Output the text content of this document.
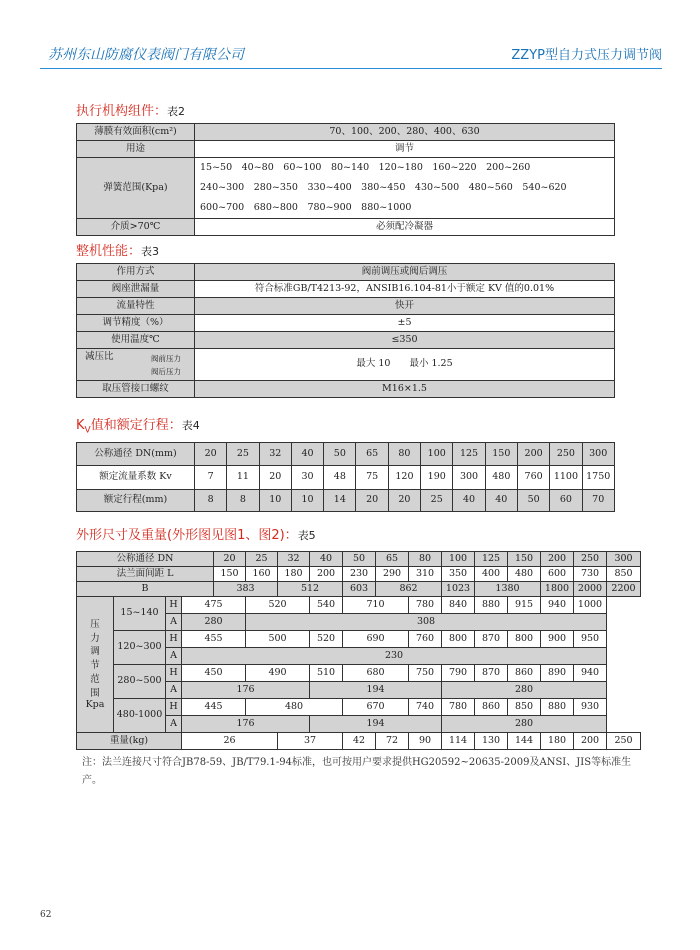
苏州东山防腐仪表阀门有限公司	ZZYP型自力式压力调节阀
执行机构组件：表2
薄膜有效面积(cm²)	70、100、200、280、400、630
用途	调节
弹簧范围(Kpa)	15~50　40~80　60~100　80~140　120~180　160~220　200~260
240~300　280~350　330~400　380~450　430~500　480~560　540~620
600~700　680~800　780~900　880~1000

介质>70℃	必须配冷凝器
整机性能：表3
作用方式	阀前调压或阀后调压
阀座泄漏量	符合标准GB/T4213-92，ANSIB16.104-81小于额定 KV 值的0.01%
流量特性	快开
调节精度（%）	±5
使用温度℃	≤350

减压比 阀前压力
阀后压力	最大 10　　最小 1.25
取压管接口螺纹	M16×1.5
$K_V$值和额定行程：表4
公称通径 DN(mm)	20	25	32	40	50	65	80	100	125	150	200	250	300
额定流量系数 Kv	7	11	20	30	48	75	120	190	300	480	760	1100	1750
额定行程(mm)	8	8	10	10	14	20	20	25	40	40	50	60	70
外形尺寸及重量(外形图见图1、图2)：表5
公称通径 DN				20	25	32	40	50	65	80	100	125	150	200	250	300
法兰面间距 L				150	160	180	200	230	290	310	350	400	480	600	730	850
B				383		512		603	862		1023	1380		1800	2000	2200

压力调节范围
Kpa	15~140	H	475		520		540	710		780	840	880	915	940	1000	
		A	280		308											
	120~300	H	455		500		520	690		760	800	870	800	900	950	
		A	230													
	280~500	H	450		490		510	680		750	790	870	860	890	940	
		A	176				194				280					
	480-1000	H	445		480			670		740	780	860	850	880	930	
		A	176				194				280					
重量(kg)			26			37		42	72	90	114	130	144	180	200	250
注：法兰连接尺寸符合JB78-59、JB/T79.1-94标准，也可按用户要求提供HG20592~20635-2009及ANSI、JIS等标准生产。
62
